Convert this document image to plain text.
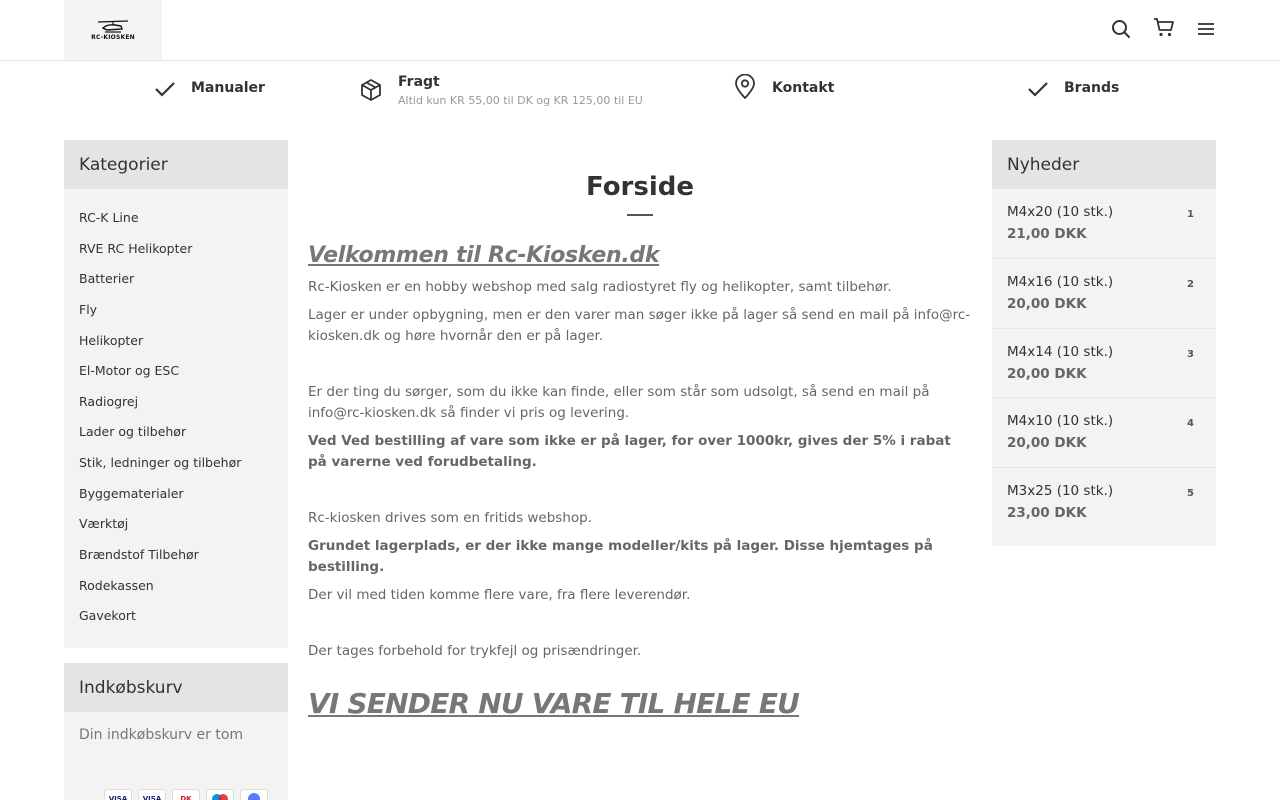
RC-KIOSKEN
Manualer	Fragt
Altid kun KR 55,00 til DK og KR 125,00 til EU
Kontakt	Brands
Kategorier
RC-K Line
RVE RC Helikopter
Batterier
Fly
Helikopter
El-Motor og ESC
Radiogrej
Lader og tilbehør
Stik, ledninger og tilbehør
Byggematerialer
Værktøj
Brændstof Tilbehør
Rodekassen
Gavekort
Indkøbskurv
Din indkøbskurv er tom
VISA	VISA	DK
Forside
Velkommen til Rc-Kiosken.dk
Rc-Kiosken er en hobby webshop med salg radiostyret fly og helikopter, samt tilbehør.
Lager er under opbygning, men er den varer man søger ikke på lager så send en mail på info@rc-kiosken.dk og høre hvornår den er på lager.
Er der ting du sørger, som du ikke kan finde, eller som står som udsolgt, så send en mail på info@rc-kiosken.dk så finder vi pris og levering.
Ved Ved bestilling af vare som ikke er på lager, for over 1000kr, gives der 5% i rabat på varerne ved forudbetaling.
Rc-kiosken drives som en fritids webshop.
Grundet lagerplads, er der ikke mange modeller/kits på lager. Disse hjemtages på bestilling.
Der vil med tiden komme flere vare, fra flere leverendør.
Der tages forbehold for trykfejl og prisændringer.
VI SENDER NU VARE TIL HELE EU
Nyheder
M4x20 (10 stk.)
21,00 DKK
1
M4x16 (10 stk.)
20,00 DKK
2
M4x14 (10 stk.)
20,00 DKK
3
M4x10 (10 stk.)
20,00 DKK
4
M3x25 (10 stk.)
23,00 DKK
5
